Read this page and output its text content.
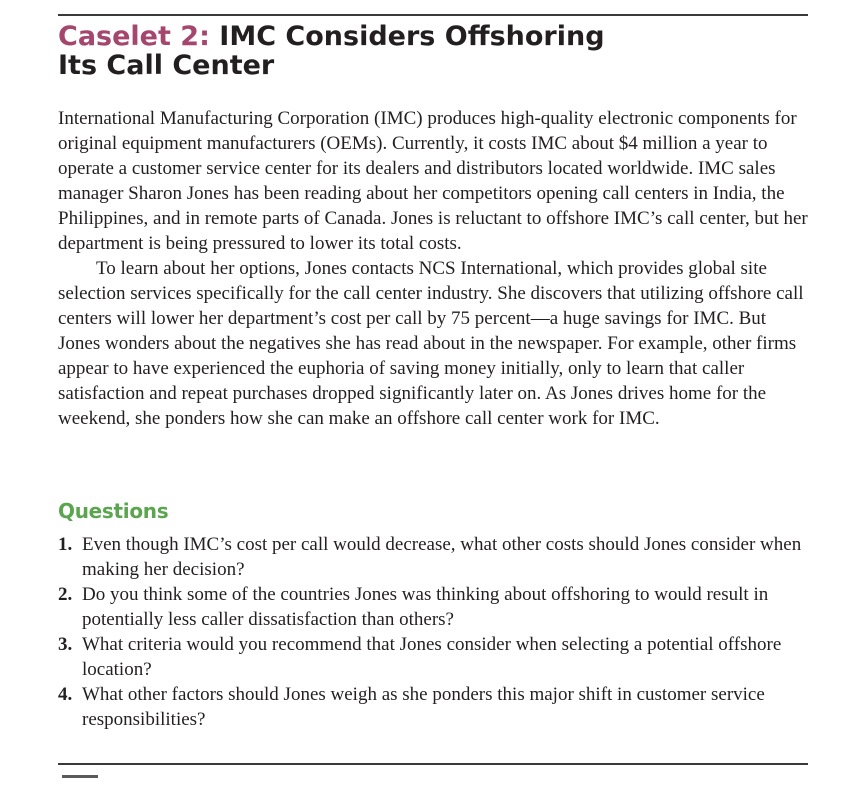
Caselet 2: IMC Considers Offshoring
Its Call Center

International Manufacturing Corporation (IMC) produces high-quality electronic components for original equipment manufacturers (OEMs). Currently, it costs IMC about $4 million a year to operate a customer service center for its dealers and distributors located worldwide. IMC sales manager Sharon Jones has been reading about her competitors opening call centers in India, the Philippines, and in remote parts of Canada. Jones is reluctant to offshore IMC’s call center, but her department is being pressured to lower its total costs.

To learn about her options, Jones contacts NCS International, which provides global site selection services specifically for the call center industry. She discovers that utilizing offshore call centers will lower her department’s cost per call by 75 percent—a huge savings for IMC. But Jones wonders about the negatives she has read about in the newspaper. For example, other firms appear to have experienced the euphoria of saving money initially, only to learn that caller satisfaction and repeat purchases dropped significantly later on. As Jones drives home for the weekend, she ponders how she can make an offshore call center work for IMC.

Questions
1. Even though IMC’s cost per call would decrease, what other costs should Jones consider when making her decision?
2. Do you think some of the countries Jones was thinking about offshoring to would result in potentially less caller dissatisfaction than others?
3. What criteria would you recommend that Jones consider when selecting a potential offshore location?
4. What other factors should Jones weigh as she ponders this major shift in customer service responsibilities?
